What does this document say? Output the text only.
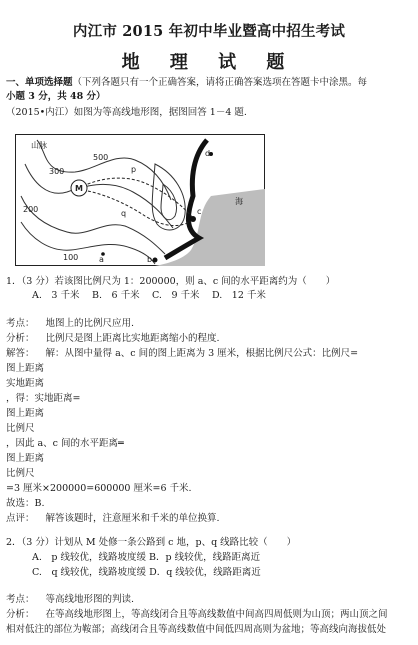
内江市 2015 年初中毕业暨高中招生考试
地 理 试 题
一、单项选择题（下列各题只有一个正确答案，请将正确答案选项在答题卡中涂黑。每
小题 3 分，共 48 分）
（2015•内江）如图为等高线地形图，据图回答 1－4 题.
山脉
500
300	p
q	c
M
a
d
海
200
b
100
1．（3 分）若该图比例尺为 1：200000，则 a、c 间的水平距离约为（　　）
A.　3 千米 B.　6 千米 C.　9 千米 D.　12 千米
考点： 地图上的比例尺应用.
分析： 比例尺是图上距离比实地距离缩小的程度.
解答： 解：从图中量得 a、c 间的图上距离为 3 厘米，根据比例尺公式：比例尺=
图上距离
实地距离
，得：实地距离=
图上距离
比例尺
，因此 a、c 间的水平距离═
图上距离
比例尺
=3 厘米×200000=600000 厘米=6 千米.
故选：B.
点评： 解答该题时，注意厘米和千米的单位换算.
2．（3 分）计划从 M 处修一条公路到 c 地，p、q 线路比较（　　）
A.　p 线较优，线路坡度缓 B．p 线较优，线路距离近
C.　q 线较优，线路坡度缓 D．q 线较优，线路距离近
考点： 等高线地形图的判读.
分析： 在等高线地形图上，等高线闭合且等高线数值中间高四周低则为山顶；两山顶之间
相对低注的部位为鞍部；高线闭合且等高线数值中间低四周高则为盆地；等高线向海拔低处
